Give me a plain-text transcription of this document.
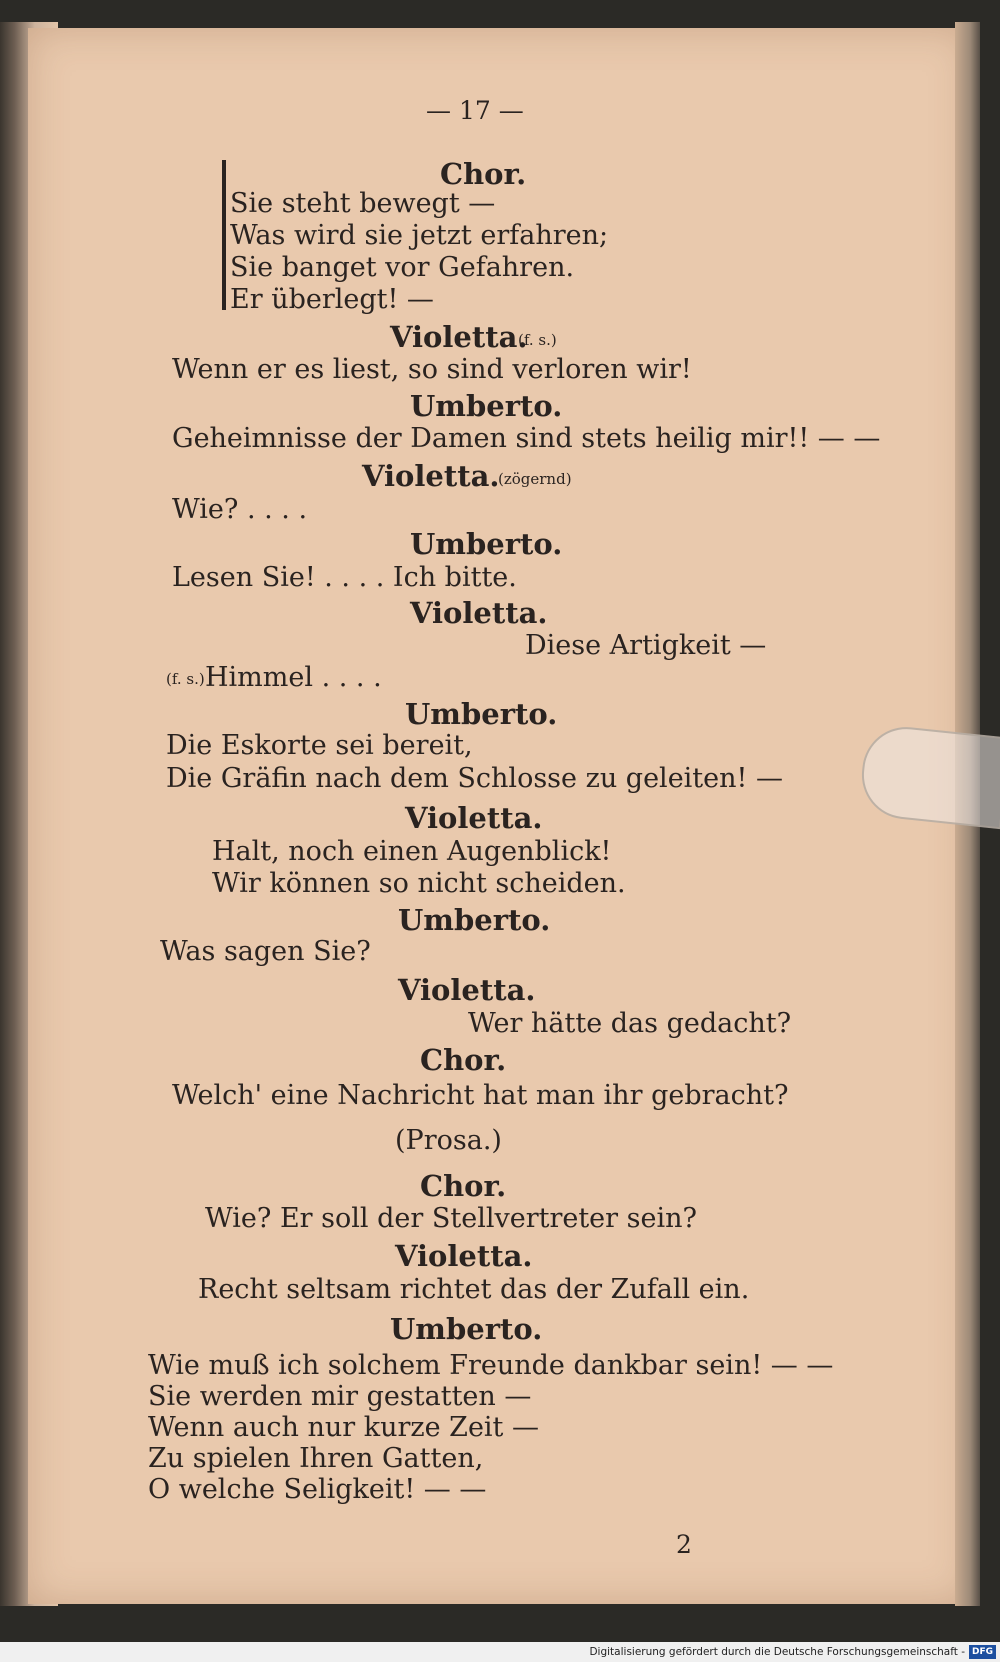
— 17 —
Chor.
Sie steht bewegt —
Was wird sie jetzt erfahren;
Sie banget vor Gefahren.
Er überlegt! —
Violetta.
(f. s.)
Wenn er es liest, so sind verloren wir!
Umberto.
Geheimnisse der Damen sind stets heilig mir!! — —
Violetta.
(zögernd)
Wie? . . . .
Umberto.
Lesen Sie! . . . . Ich bitte.
Violetta.
Diese Artigkeit —
(f. s.) Himmel . . . .
Umberto.
Die Eskorte sei bereit,
Die Gräfin nach dem Schlosse zu geleiten! —
Violetta.
Halt, noch einen Augenblick!
Wir können so nicht scheiden.
Umberto.
Was sagen Sie?
Violetta.
Wer hätte das gedacht?
Chor.
Welch' eine Nachricht hat man ihr gebracht?
(Prosa.)
Chor.
Wie? Er soll der Stellvertreter sein?
Violetta.
Recht seltsam richtet das der Zufall ein.
Umberto.
Wie muß ich solchem Freunde dankbar sein! — —
Sie werden mir gestatten —
Wenn auch nur kurze Zeit —
Zu spielen Ihren Gatten,
O welche Seligkeit! — —
2
Digitalisierung gefördert durch die Deutsche Forschungsgemeinschaft - DFG
